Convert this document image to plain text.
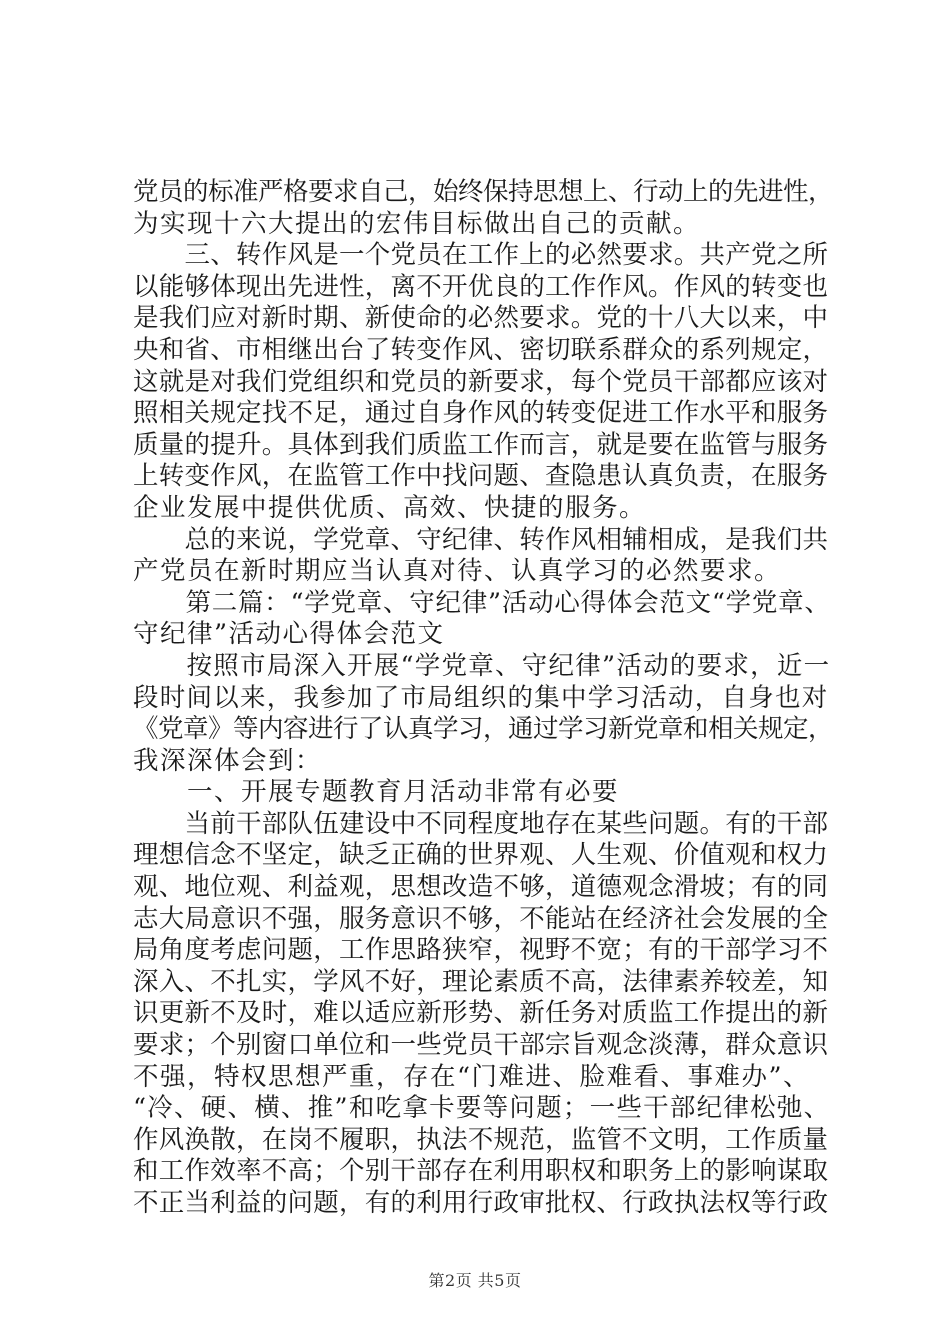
党员的标准严格要求自己，始终保持思想上、行动上的先进性，
为实现十六大提出的宏伟目标做出自己的贡献。
　　三、转作风是一个党员在工作上的必然要求。共产党之所
以能够体现出先进性，离不开优良的工作作风。作风的转变也
是我们应对新时期、新使命的必然要求。党的十八大以来，中
央和省、市相继出台了转变作风、密切联系群众的系列规定，
这就是对我们党组织和党员的新要求，每个党员干部都应该对
照相关规定找不足，通过自身作风的转变促进工作水平和服务
质量的提升。具体到我们质监工作而言，就是要在监管与服务
上转变作风，在监管工作中找问题、查隐患认真负责，在服务
企业发展中提供优质、高效、快捷的服务。
　　总的来说，学党章、守纪律、转作风相辅相成，是我们共
产党员在新时期应当认真对待、认真学习的必然要求。
　　第二篇：“学党章、守纪律”活动心得体会范文“学党章、
守纪律”活动心得体会范文
　　按照市局深入开展“学党章、守纪律”活动的要求，近一
段时间以来，我参加了市局组织的集中学习活动，自身也对
《党章》等内容进行了认真学习，通过学习新党章和相关规定，
我深深体会到：
　　一、开展专题教育月活动非常有必要
　　当前干部队伍建设中不同程度地存在某些问题。有的干部
理想信念不坚定，缺乏正确的世界观、人生观、价值观和权力
观、地位观、利益观，思想改造不够，道德观念滑坡；有的同
志大局意识不强，服务意识不够，不能站在经济社会发展的全
局角度考虑问题，工作思路狭窄，视野不宽；有的干部学习不
深入、不扎实，学风不好，理论素质不高，法律素养较差，知
识更新不及时，难以适应新形势、新任务对质监工作提出的新
要求；个别窗口单位和一些党员干部宗旨观念淡薄，群众意识
不强，特权思想严重，存在“门难进、脸难看、事难办”、
“冷、硬、横、推”和吃拿卡要等问题；一些干部纪律松弛、
作风涣散，在岗不履职，执法不规范，监管不文明，工作质量
和工作效率不高；个别干部存在利用职权和职务上的影响谋取
不正当利益的问题，有的利用行政审批权、行政执法权等行政
第2页 共5页
